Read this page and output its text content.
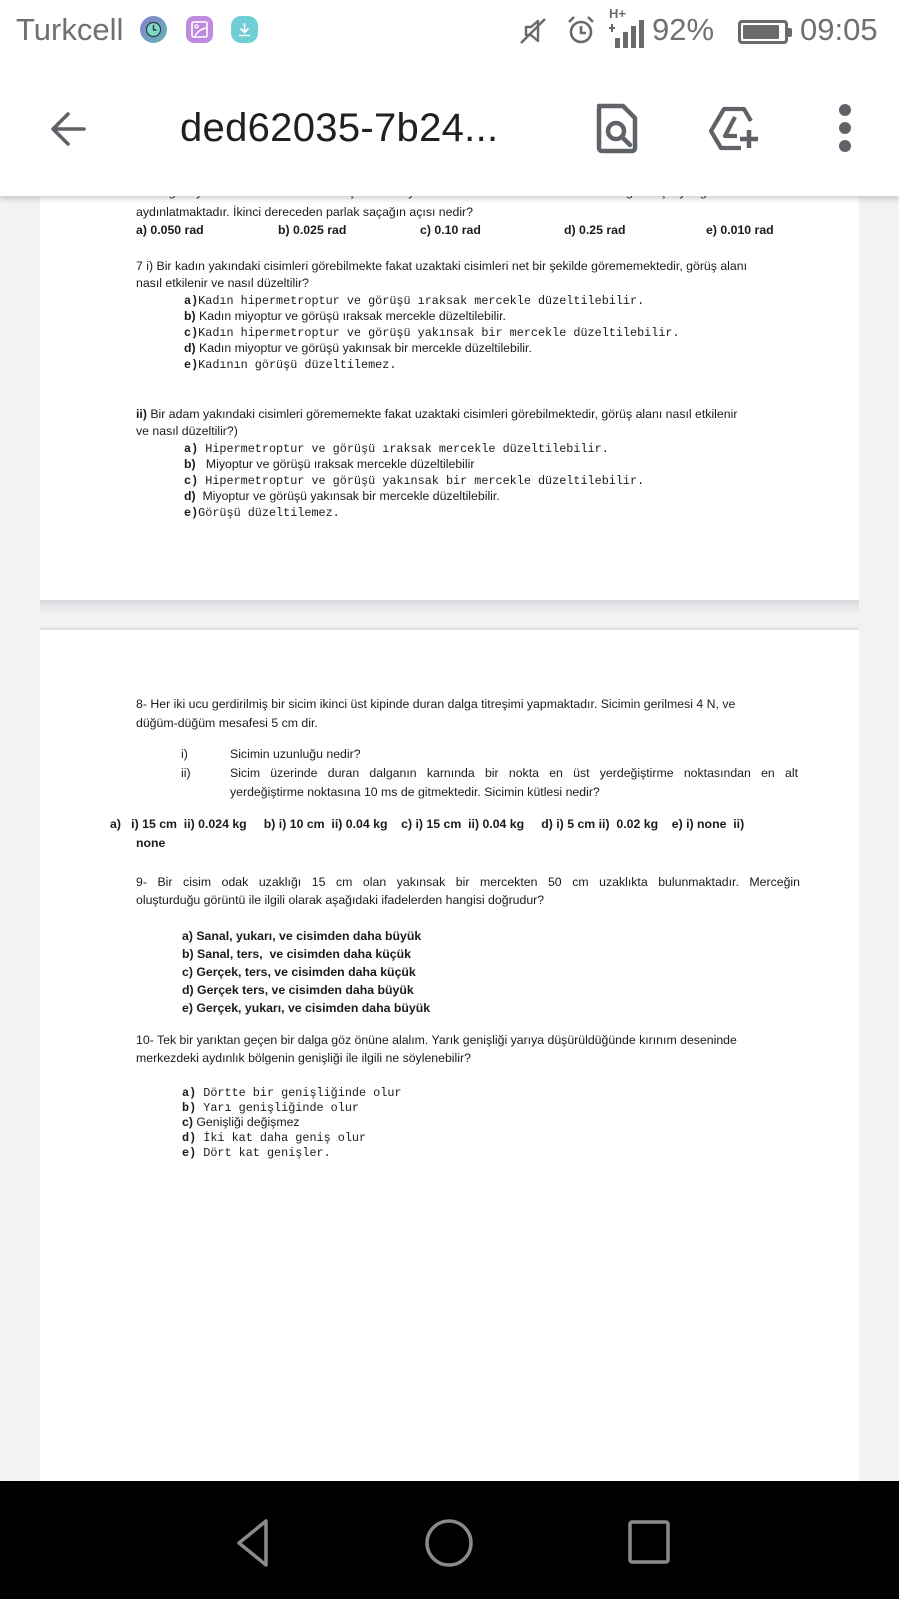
Turkcell	H+ 92%	09:05
ded62035-7b24...
aydınlatmaktadır. İkinci dereceden parlak saçağın açısı nedir?
a) 0.050 rad	b) 0.025 rad	c) 0.10 rad	d) 0.25 rad	e) 0.010 rad
7 i) Bir kadın yakındaki cisimleri görebilmekte fakat uzaktaki cisimleri net bir şekilde görememektedir, görüş alanı
nasıl etkilenir ve nasıl düzeltilir?
a)Kadın hipermetroptur ve görüşü ıraksak mercekle düzeltilebilir.
b) Kadın miyoptur ve görüşü ıraksak mercekle düzeltilebilir.
c)Kadın hipermetroptur ve görüşü yakınsak bir mercekle düzeltilebilir.
d) Kadın miyoptur ve görüşü yakınsak bir mercekle düzeltilebilir.
e)Kadının görüşü düzeltilemez.
ii) Bir adam yakındaki cisimleri görememekte fakat uzaktaki cisimleri görebilmektedir, görüş alanı nasıl etkilenir
ve nasıl düzeltilir?)
a) Hipermetroptur ve görüşü ıraksak mercekle düzeltilebilir.
b)   Miyoptur ve görüşü ıraksak mercekle düzeltilebilir
c) Hipermetroptur ve görüşü yakınsak bir mercekle düzeltilebilir.
d)  Miyoptur ve görüşü yakınsak bir mercekle düzeltilebilir.
e)Görüşü düzeltilemez.
8- Her iki ucu gerdirilmiş bir sicim ikinci üst kipinde duran dalga titreşimi yapmaktadır. Sicimin gerilmesi 4 N, ve
düğüm-düğüm mesafesi 5 cm dir.
i)	Sicimin uzunluğu nedir?
ii)	Sicim üzerinde duran dalganın karnında bir nokta en üst yerdeğiştirme noktasından en alt
yerdeğiştirme noktasına 10 ms de gitmektedir. Sicimin kütlesi nedir?
a)   i) 15 cm  ii) 0.024 kg     b) i) 10 cm  ii) 0.04 kg    c) i) 15 cm  ii) 0.04 kg     d) i) 5 cm ii)  0.02 kg    e) i) none  ii)
none
9- Bir cisim odak uzaklığı 15 cm olan yakınsak bir mercekten 50 cm uzaklıkta bulunmaktadır. Merceğin
oluşturduğu görüntü ile ilgili olarak aşağıdaki ifadelerden hangisi doğrudur?
a) Sanal, yukarı, ve cisimden daha büyük
b) Sanal, ters,  ve cisimden daha küçük
c) Gerçek, ters, ve cisimden daha küçük
d) Gerçek ters, ve cisimden daha büyük
e) Gerçek, yukarı, ve cisimden daha büyük
10- Tek bir yarıktan geçen bir dalga göz önüne alalım. Yarık genişliği yarıya düşürüldüğünde kırınım deseninde
merkezdeki aydınlık bölgenin genişliği ile ilgili ne söylenebilir?
a) Dörtte bir genişliğinde olur
b) Yarı genişliğinde olur
c) Genişliği değişmez
d) İki kat daha geniş olur
e) Dört kat genişler.
